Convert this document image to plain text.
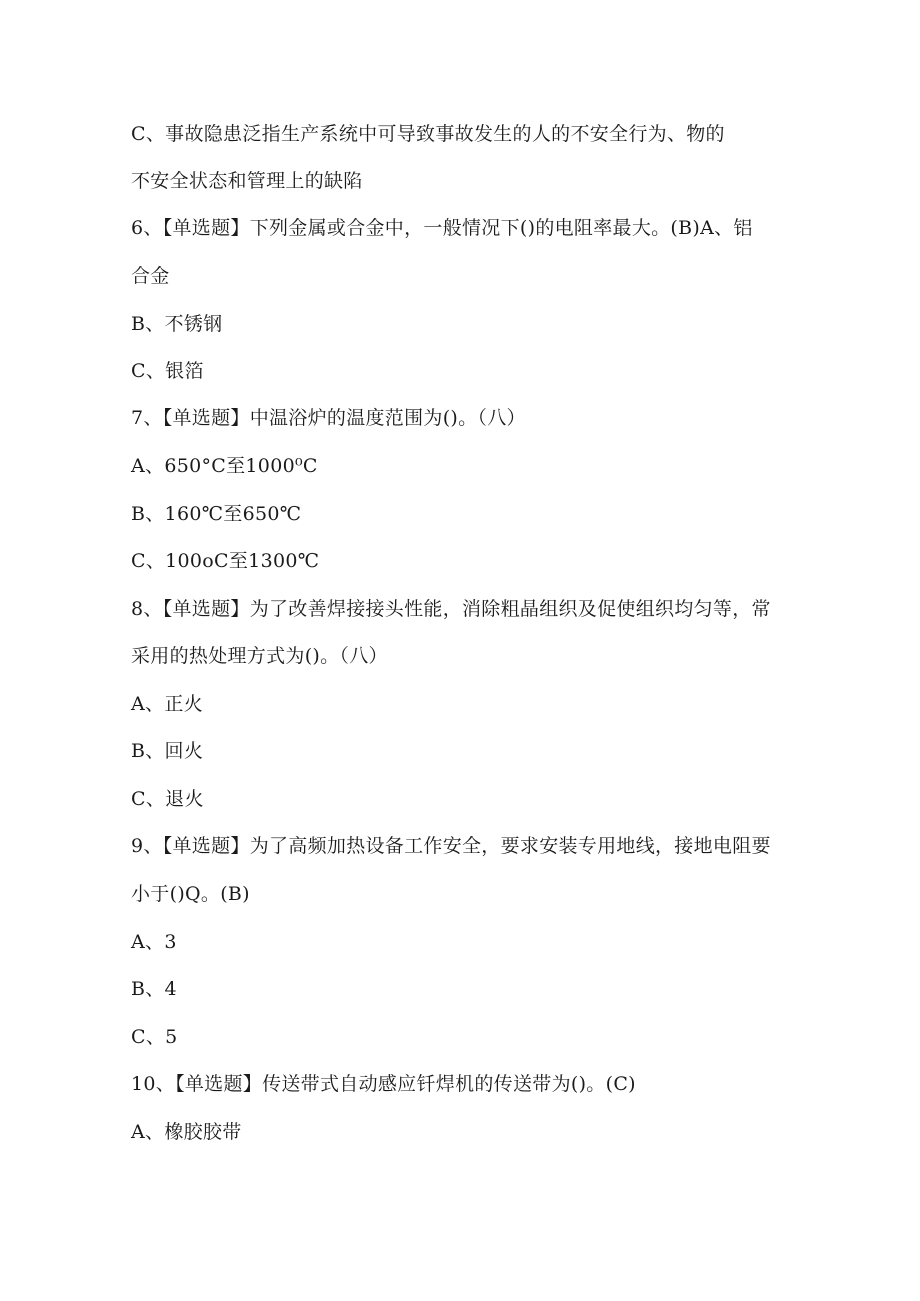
C、事故隐患泛指生产系统中可导致事故发生的人的不安全行为、物的
不安全状态和管理上的缺陷
6、【单选题】下列金属或合金中，一般情况下()的电阻率最大。(B)A、铝
合金
B、不锈钢
C、银箔
7、【单选题】中温浴炉的温度范围为()。（八）
A、650°C至1000⁰C
B、160℃至650℃
C、100oC至1300℃
8、【单选题】为了改善焊接接头性能，消除粗晶组织及促使组织均匀等，常
采用的热处理方式为()。（八）
A、正火
B、回火
C、退火
9、【单选题】为了高频加热设备工作安全，要求安装专用地线，接地电阻要
小于()Q。(B)
A、3
B、4
C、5
10、【单选题】传送带式自动感应钎焊机的传送带为()。(C)
A、橡胶胶带
